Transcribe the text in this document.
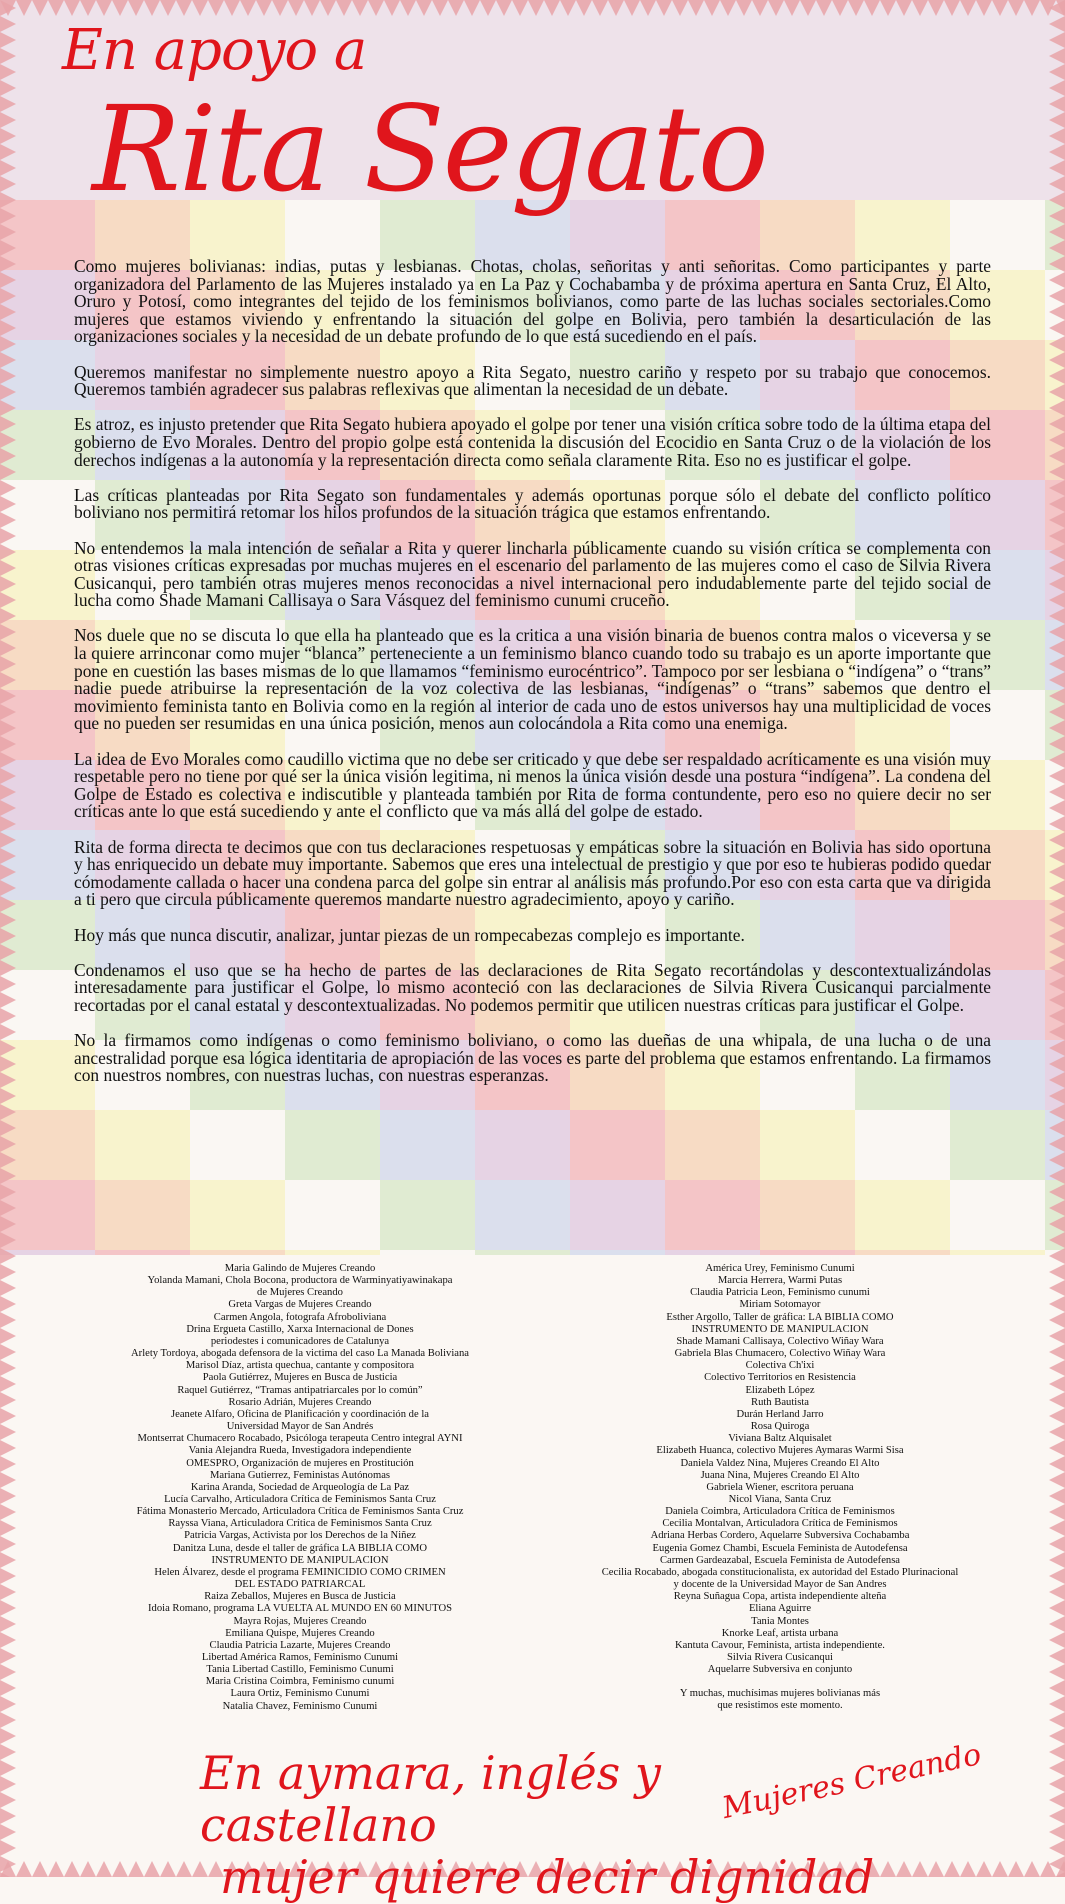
En apoyo a
Rita Segato

Como mujeres bolivianas: indias, putas y lesbianas. Chotas, cholas, señoritas y anti señoritas. Como participantes y parte organizadora del Parlamento de las Mujeres instalado ya en La Paz y Cochabamba y de próxima apertura en Santa Cruz, El Alto, Oruro y Potosí, como integrantes del tejido de los feminismos bolivianos, como parte de las luchas sociales sectoriales.Como mujeres que estamos viviendo y enfrentando la situación del golpe en Bolivia, pero también la desarticulación de las organizaciones sociales y la necesidad de un debate profundo de lo que está sucediendo en el país.

Queremos manifestar no simplemente nuestro apoyo a Rita Segato, nuestro cariño y respeto por su trabajo que conocemos. Queremos también agradecer sus palabras reflexivas que alimentan la necesidad de un debate.

Es atroz, es injusto pretender que Rita Segato hubiera apoyado el golpe por tener una visión crítica sobre todo de la última etapa del gobierno de Evo Morales. Dentro del propio golpe está contenida la discusión del Ecocidio en Santa Cruz o de la violación de los derechos indígenas a la autonomía y la representación directa como señala claramente Rita. Eso no es justificar el golpe.

Las críticas planteadas por Rita Segato son fundamentales y además oportunas porque sólo el debate del conflicto político boliviano nos permitirá retomar los hilos profundos de la situación trágica que estamos enfrentando.

No entendemos la mala intención de señalar a Rita y querer lincharla públicamente cuando su visión crítica se complementa con otras visiones críticas expresadas por muchas mujeres en el escenario del parlamento de las mujeres como el caso de Silvia Rivera Cusicanqui, pero también otras mujeres menos reconocidas a nivel internacional pero indudablemente parte del tejido social de lucha como Shade Mamani Callisaya o Sara Vásquez del feminismo cunumi cruceño.

Nos duele que no se discuta lo que ella ha planteado que es la critica a una visión binaria de buenos contra malos o viceversa y se la quiere arrinconar como mujer “blanca” perteneciente a un feminismo blanco cuando todo su trabajo es un aporte importante que pone en cuestión las bases mismas de lo que llamamos “feminismo eurocéntrico”. Tampoco por ser lesbiana o “indígena” o “trans” nadie puede atribuirse la representación de la voz colectiva de las lesbianas, “indígenas” o “trans” sabemos que dentro el movimiento feminista tanto en Bolivia como en la región al interior de cada uno de estos universos hay una multiplicidad de voces que no pueden ser resumidas en una única posición, menos aun colocándola a Rita como una enemiga.

La idea de Evo Morales como caudillo victima que no debe ser criticado y que debe ser respaldado acríticamente es una visión muy respetable pero no tiene por qué ser la única visión legitima, ni menos la única visión desde una postura “indígena”. La condena del Golpe de Estado es colectiva e indiscutible y planteada también por Rita de forma contundente, pero eso no quiere decir no ser críticas ante lo que está sucediendo y ante el conflicto que va más allá del golpe de estado.

Rita de forma directa te decimos que con tus declaraciones respetuosas y empáticas sobre la situación en Bolivia has sido oportuna y has enriquecido un debate muy importante. Sabemos que eres una intelectual de prestigio y que por eso te hubieras podido quedar cómodamente callada o hacer una condena parca del golpe sin entrar al análisis más profundo.Por eso con esta carta que va dirigida a ti pero que circula públicamente queremos mandarte nuestro agradecimiento, apoyo y cariño.

Hoy más que nunca discutir, analizar, juntar piezas de un rompecabezas complejo es importante.

Condenamos el uso que se ha hecho de partes de las declaraciones de Rita Segato recortándolas y descontextualizándolas interesadamente para justificar el Golpe, lo mismo aconteció con las declaraciones de Silvia Rivera Cusicanqui parcialmente recortadas por el canal estatal y descontextualizadas. No podemos permitir que utilicen nuestras críticas para justificar el Golpe.

No la firmamos como indígenas o como feminismo boliviano, o como las dueñas de una whipala, de una lucha o de una ancestralidad porque esa lógica identitaria de apropiación de las voces es parte del problema que estamos enfrentando. La firmamos con nuestros nombres, con nuestras luchas, con nuestras esperanzas.

Maria Galindo de Mujeres Creando
Yolanda Mamani, Chola Bocona, productora de Warminyatiyawinakapa
de Mujeres Creando
Greta Vargas de Mujeres Creando
Carmen Angola, fotografa Afroboliviana
Drina Ergueta Castillo, Xarxa Internacional de Dones
periodestes i comunicadores de Catalunya
Arlety Tordoya, abogada defensora de la victima del caso La Manada Boliviana
Marisol Díaz, artista quechua, cantante y compositora
Paola Gutiérrez, Mujeres en Busca de Justicia
Raquel Gutiérrez, “Tramas antipatriarcales por lo común”
Rosario Adrián, Mujeres Creando
Jeanete Alfaro, Oficina de Planificación y coordinación de la
Universidad Mayor de San Andrés
Montserrat Chumacero Rocabado, Psicóloga terapeuta Centro integral AYNI
Vania Alejandra Rueda, Investigadora independiente
OMESPRO, Organización de mujeres en Prostitución
Mariana Gutierrez, Feministas Autónomas
Karina Aranda, Sociedad de Arqueología de La Paz
Lucía Carvalho, Articuladora Crítica de Feminismos Santa Cruz
Fátima Monasterio Mercado, Articuladora Crítica de Feminismos Santa Cruz
Rayssa Viana, Articuladora Crítica de Feminismos Santa Cruz
Patricia Vargas, Activista por los Derechos de la Niñez
Danitza Luna, desde el taller de gráfica LA BIBLIA COMO
INSTRUMENTO DE MANIPULACION
Helen Álvarez, desde el programa FEMINICIDIO COMO CRIMEN
DEL ESTADO PATRIARCAL
Raiza Zeballos, Mujeres en Busca de Justicia
Idoia Romano, programa LA VUELTA AL MUNDO EN 60 MINUTOS
Mayra Rojas, Mujeres Creando
Emiliana Quispe, Mujeres Creando
Claudia Patricia Lazarte, Mujeres Creando
Libertad América Ramos, Feminismo Cunumi
Tania Libertad Castillo, Feminismo Cunumi
Maria Cristina Coimbra, Feminismo cunumi
Laura Ortiz, Feminismo Cunumi
Natalia Chavez, Feminismo Cunumi
América Urey, Feminismo Cunumi
Marcia Herrera, Warmi Putas
Claudia Patricia Leon, Feminismo cunumi
Miriam Sotomayor
Esther Argollo, Taller de gráfica: LA BIBLIA COMO
INSTRUMENTO DE MANIPULACION
Shade Mamani Callisaya, Colectivo Wiñay Wara
Gabriela Blas Chumacero, Colectivo Wiñay Wara
Colectiva Ch'ixi
Colectivo Territorios en Resistencia
Elizabeth López
Ruth Bautista
Durán Herland Jarro
Rosa Quiroga
Viviana Baltz Alquisalet
Elizabeth Huanca, colectivo Mujeres Aymaras Warmi Sisa
Daniela Valdez Nina, Mujeres Creando El Alto
Juana Nina, Mujeres Creando El Alto
Gabriela Wiener, escritora peruana
Nicol Viana, Santa Cruz
Daniela Coimbra, Articuladora Crítica de Feminismos
Cecilia Montalvan, Articuladora Crítica de Feminismos
Adriana Herbas Cordero, Aquelarre Subversiva Cochabamba
Eugenia Gomez Chambi, Escuela Feminista de Autodefensa
Carmen Gardeazabal, Escuela Feminista de Autodefensa
Cecilia Rocabado, abogada constitucionalista, ex autoridad del Estado Plurinacional
y docente de la Universidad Mayor de San Andres
Reyna Suñagua Copa, artista independiente alteña
Eliana Aguirre
Tania Montes
Knorke Leaf, artista urbana
Kantuta Cavour, Feminista, artista independiente.
Silvia Rivera Cusicanqui
Aquelarre Subversiva en conjunto
Y muchas, muchísimas mujeres bolivianas más
que resistimos este momento.
En aymara, inglés y castellano
mujer quiere decir dignidad
Mujeres Creando
